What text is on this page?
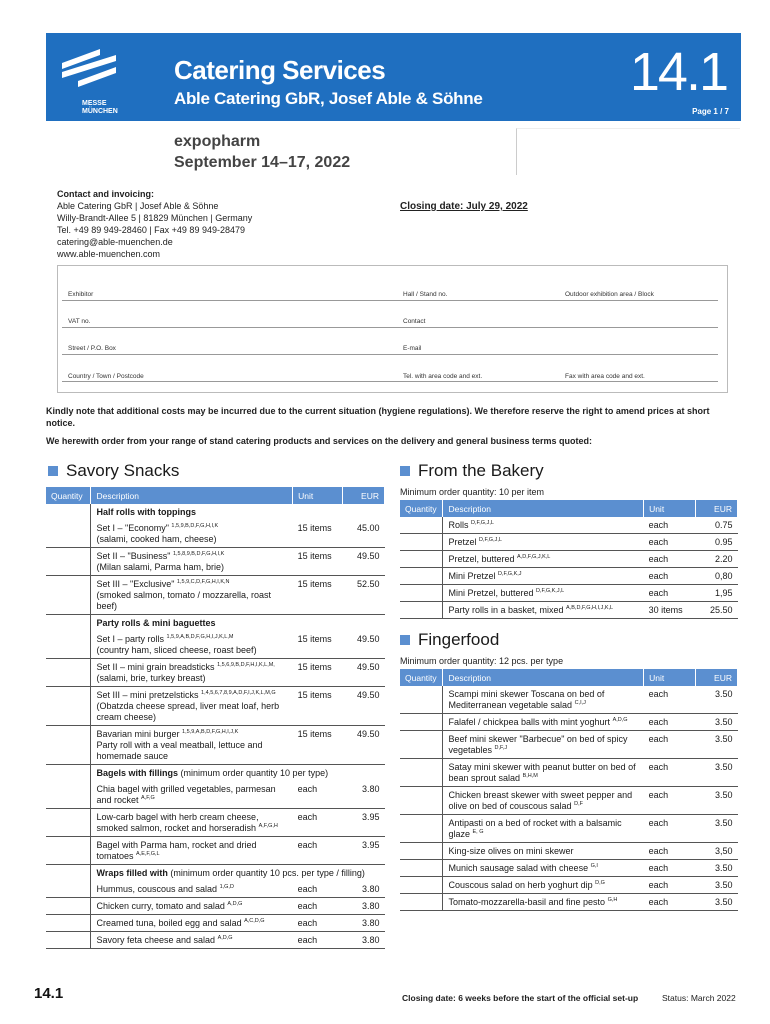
MESSE
MÜNCHEN
Catering Services
Able Catering GbR, Josef Able & Söhne	14.1
Page 1 / 7
expopharm
September 14–17, 2022
Contact and invoicing:
Able Catering GbR | Josef Able & Söhne
Willy-Brandt-Allee 5 | 81829 München | Germany
Tel. +49 89 949-28460 | Fax +49 89 949-28479
catering@able-muenchen.de
www.able-muenchen.com
Closing date: July 29, 2022
Exhibitor	Hall / Stand no.	Outdoor exhibition area / Block
VAT no.	Contact
Street / P.O. Box	E-mail
Country / Town / Postcode	Tel. with area code and ext.	Fax with area code and ext.
Kindly note that additional costs may be incurred due to the current situation (hygiene regulations). We therefore reserve the right to amend prices at short notice.
We herewith order from your range of stand catering products and services on the delivery and general business terms quoted:
Savory Snacks
Quantity	Description	Unit	EUR
	Half rolls with toppings		
	Set I – "Economy" $^{1,5,9,B,D,F,G,H,I,K}$
(salami, cooked ham, cheese)	15 items	45.00
	Set II – "Business" $^{1,5,8,9,B,D,F,G,H,I,K}$
(Milan salami, Parma ham, brie)	15 items	49.50
	Set III – "Exclusive" $^{1,5,9,C,D,F,G,H,I,K,N}$
(smoked salmon, tomato / mozzarella, roast beef)	15 items	52.50
	Party rolls & mini baguettes		
	Set I – party rolls $^{1,5,9,A,B,D,F,G,H,I,J,K,L,M}$
(country ham, sliced cheese, roast beef)	15 items	49.50
	Set II – mini grain breadsticks $^{1,5,6,9,B,D,F,H,I,K,L,M,}$
(salami, brie, turkey breast)	15 items	49.50
	Set III – mini pretzelsticks $^{1,4,5,6,7,8,9,A,D,F,I,J,K,L,M,G}$
(Obatzda cheese spread, liver meat loaf, herb cream cheese)	15 items	49.50
	Bavarian mini burger $^{1,5,9,A,B,D,F,G,H,I,J,K}$
Party roll with a veal meatball, lettuce and homemade sauce	15 items	49.50
	Bagels with fillings (minimum order quantity 10 per type)		
	Chia bagel with grilled vegetables, parmesan and rocket $^{A,F,G}$	each	3.80
	Low-carb bagel with herb cream cheese, smoked salmon, rocket and horseradish $^{A,F,G,H}$	each	3.95
	Bagel with Parma ham, rocket and dried tomatoes $^{A,E,F,G,L}$	each	3.95
	Wraps filled with (minimum order quantity 10 pcs. per type / filling)		
	Hummus, couscous and salad $^{1,G,D}$	each	3.80
	Chicken curry, tomato and salad $^{A,D,G}$	each	3.80
	Creamed tuna, boiled egg and salad $^{A,C,D,G}$	each	3.80
	Savory feta cheese and salad $^{A,D,G}$	each	3.80
From the Bakery
Minimum order quantity: 10 per item
Quantity	Description	Unit	EUR
	Rolls $^{D,F,G,J,L}$	each	0.75
	Pretzel $^{D,F,G,J,L}$	each	0.95
	Pretzel, buttered $^{A,D,F,G,J,K,L}$	each	2.20
	Mini Pretzel $^{D,F,G,K,J}$	each	0,80
	Mini Pretzel, buttered $^{D,F,G,K,J,L}$	each	1,95
	Party rolls in a basket, mixed $^{A,B,D,F,G,H,I,J,K,L}$	30 items	25.50
Fingerfood
Minimum order quantity: 12 pcs. per type
Quantity	Description	Unit	EUR
	Scampi mini skewer Toscana on bed of Mediterranean vegetable salad $^{C,I,J}$	each	3.50
	Falafel / chickpea balls with mint yoghurt $^{A,D,G}$	each	3.50
	Beef mini skewer "Barbecue" on bed of spicy vegetables $^{D,F,J}$	each	3.50
	Satay mini skewer with peanut butter on bed of bean sprout salad $^{B,H,M}$	each	3.50
	Chicken breast skewer with sweet pepper and olive on bed of couscous salad $^{D,F}$	each	3.50
	Antipasti on a bed of rocket with a balsamic glaze $^{E, G}$	each	3.50
	King-size olives on mini skewer	each	3,50
	Munich sausage salad with cheese $^{G,I}$	each	3.50
	Couscous salad on herb yoghurt dip $^{D,G}$	each	3.50
	Tomato-mozzarella-basil and fine pesto $^{G,H}$	each	3.50
14.1	Closing date: 6 weeks before the start of the official set-up	Status: March 2022
